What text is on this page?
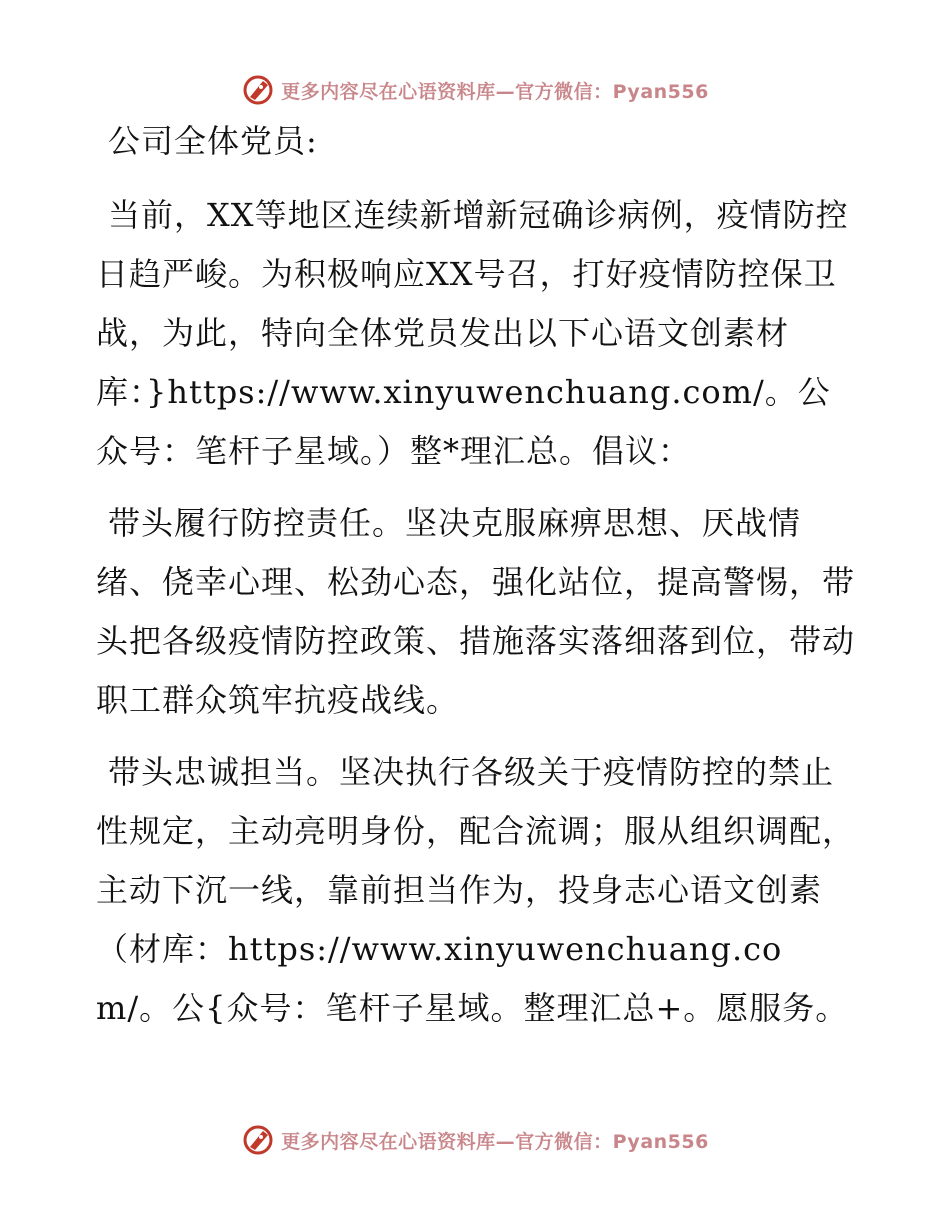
更多内容尽在心语资料库—官方微信：Pyan556

公司全体党员:

当前，XX等地区连续新增新冠确诊病例，疫情防控日趋严峻。为积极响应XX号召，打好疫情防控保卫战，为此，特向全体党员发出以下心语文创素材库：}https://www.xinyuwenchuang.com/。公众号：笔杆子星域。）整*理汇总。倡议：

带头履行防控责任。坚决克服麻痹思想、厌战情绪、侥幸心理、松劲心态，强化站位，提高警惕，带头把各级疫情防控政策、措施落实落细落到位，带动职工群众筑牢抗疫战线。

带头忠诚担当。坚决执行各级关于疫情防控的禁止性规定，主动亮明身份，配合流调；服从组织调配，主动下沉一线，靠前担当作为，投身志心语文创素（材库：https://www.xinyuwenchuang.com/。公{众号：笔杆子星域。整理汇总+。愿服务。

更多内容尽在心语资料库—官方微信：Pyan556
